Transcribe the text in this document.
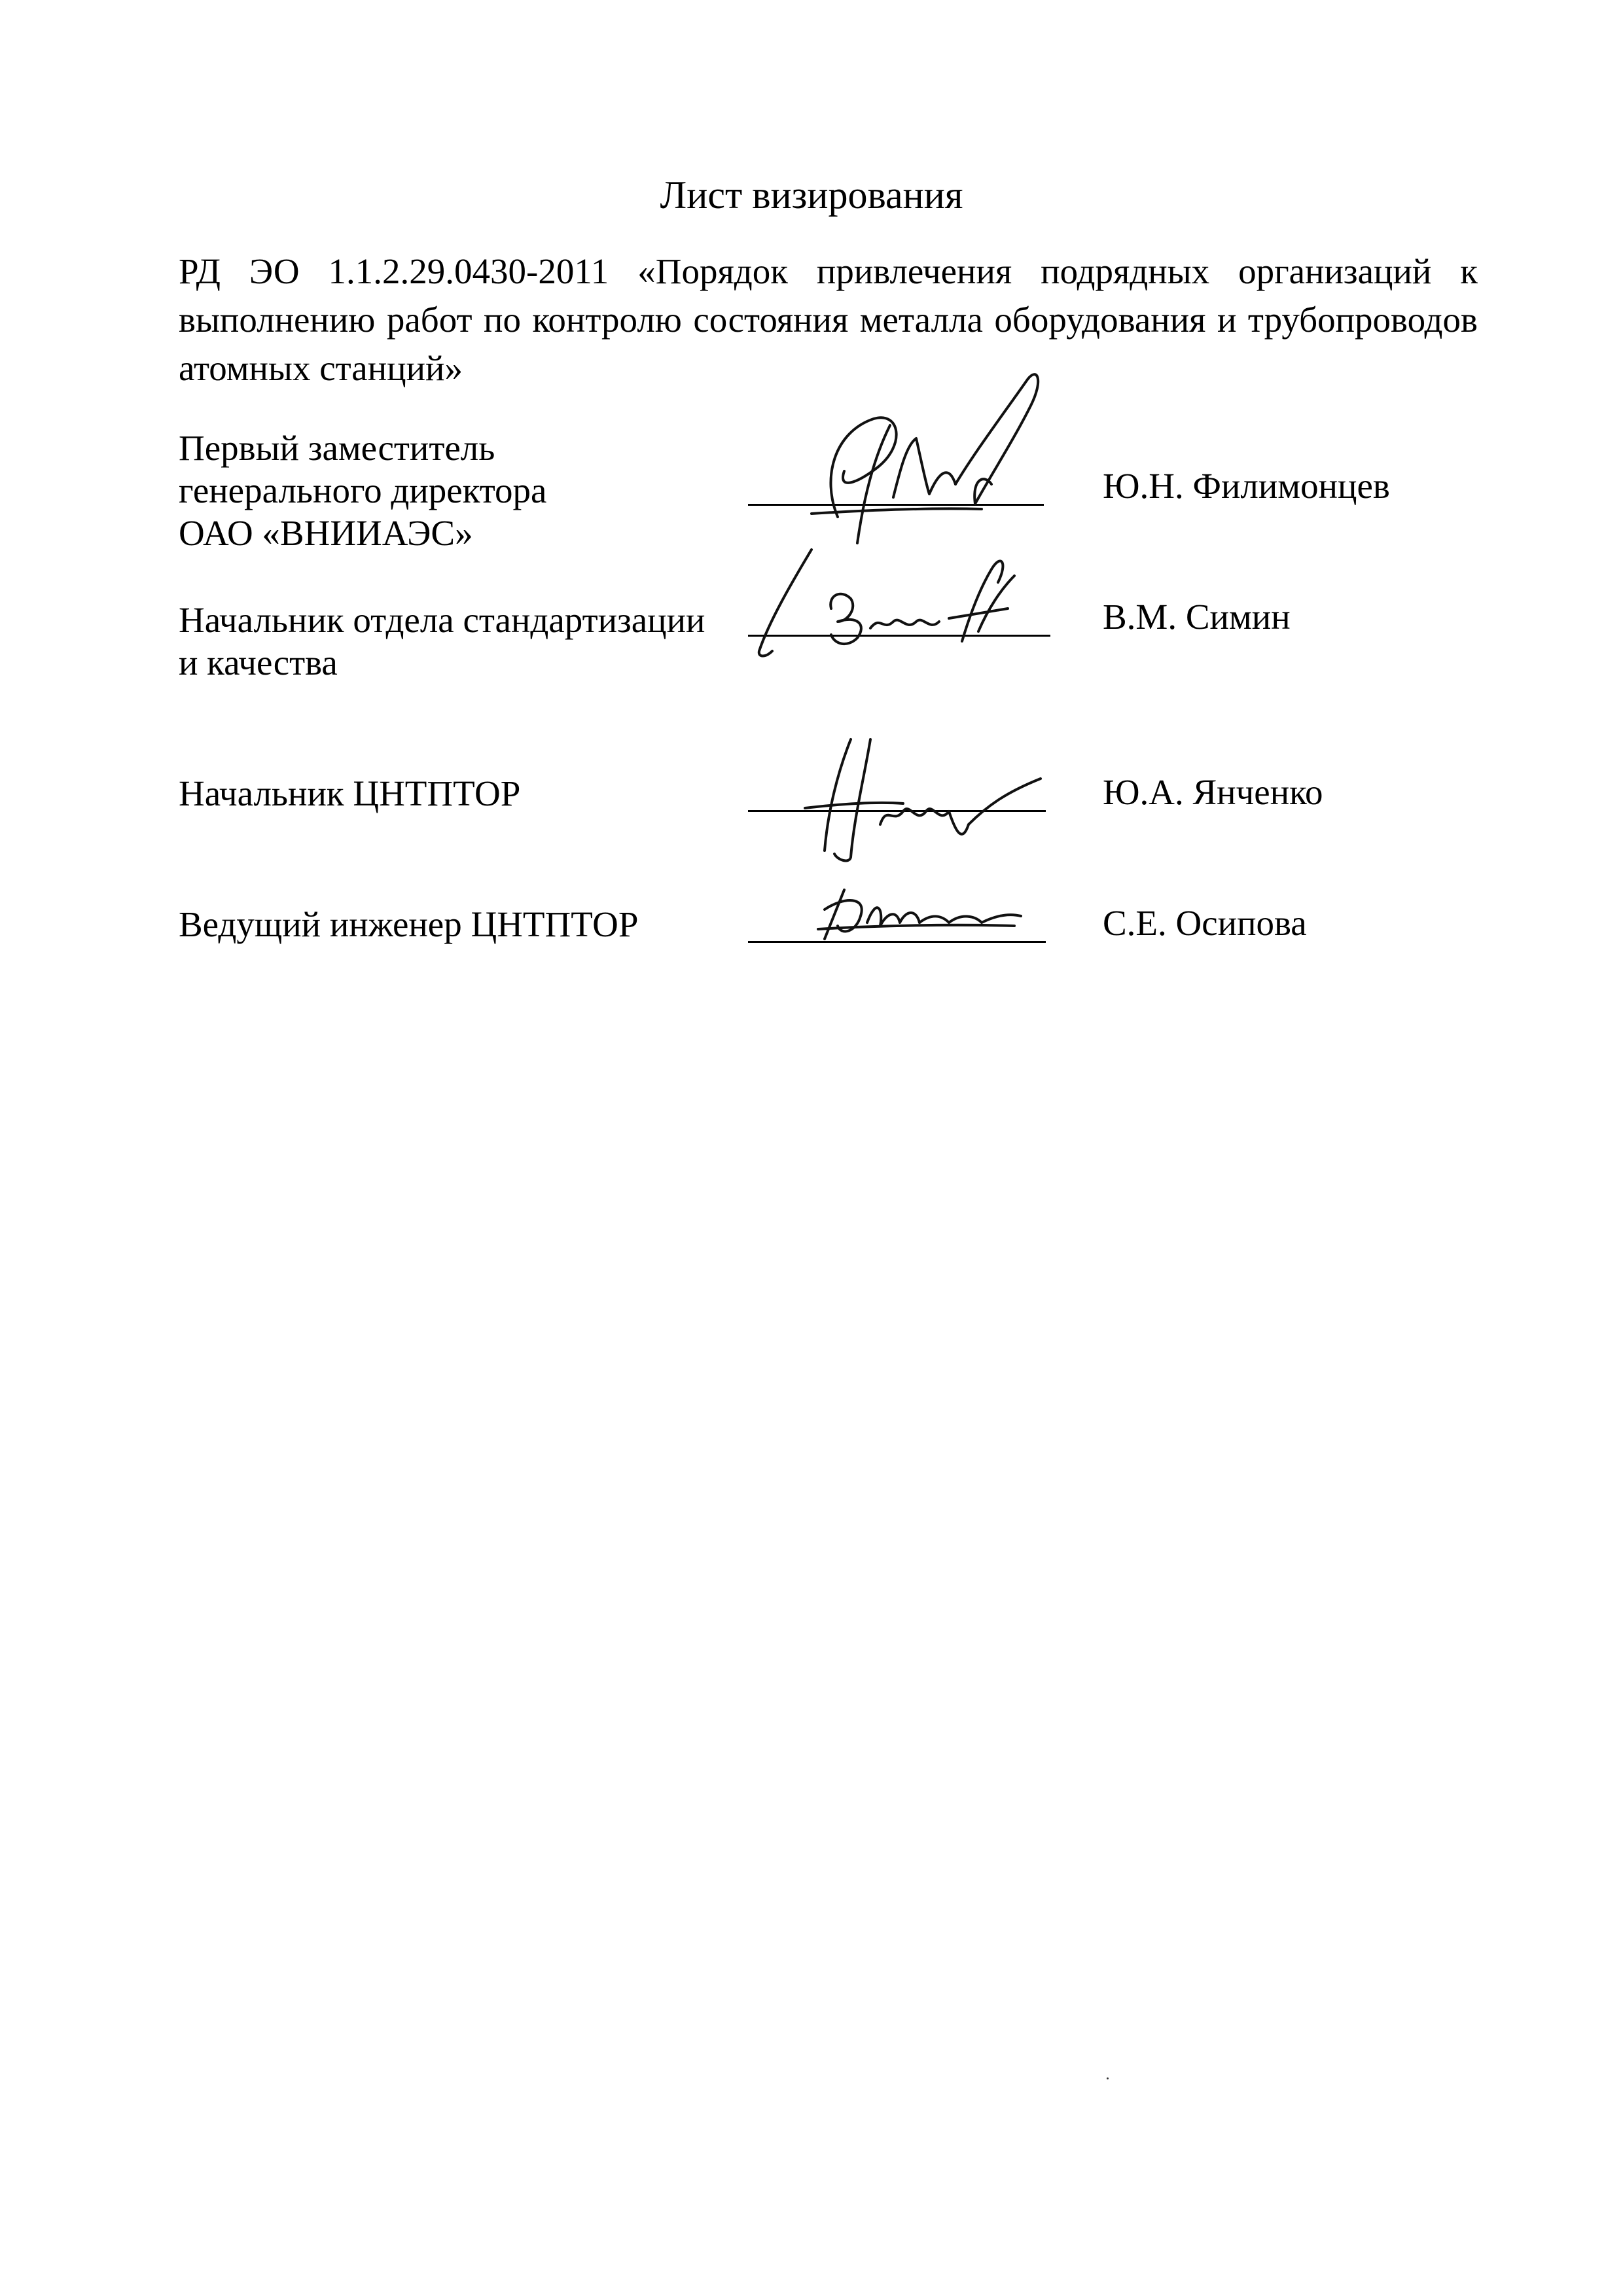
Лист визирования
РД ЭО 1.1.2.29.0430-2011 «Порядок привлечения подрядных организаций к выполнению работ по контролю состояния металла оборудования и трубопроводов атомных станций»
Первый заместитель
генерального директора
ОАО «ВНИИАЭС»
Ю.Н. Филимонцев
Начальник отдела стандартизации
и качества
В.М. Симин
Начальник ЦНТПТОР	Ю.А. Янченко
Ведущий инженер ЦНТПТОР	С.Е. Осипова
